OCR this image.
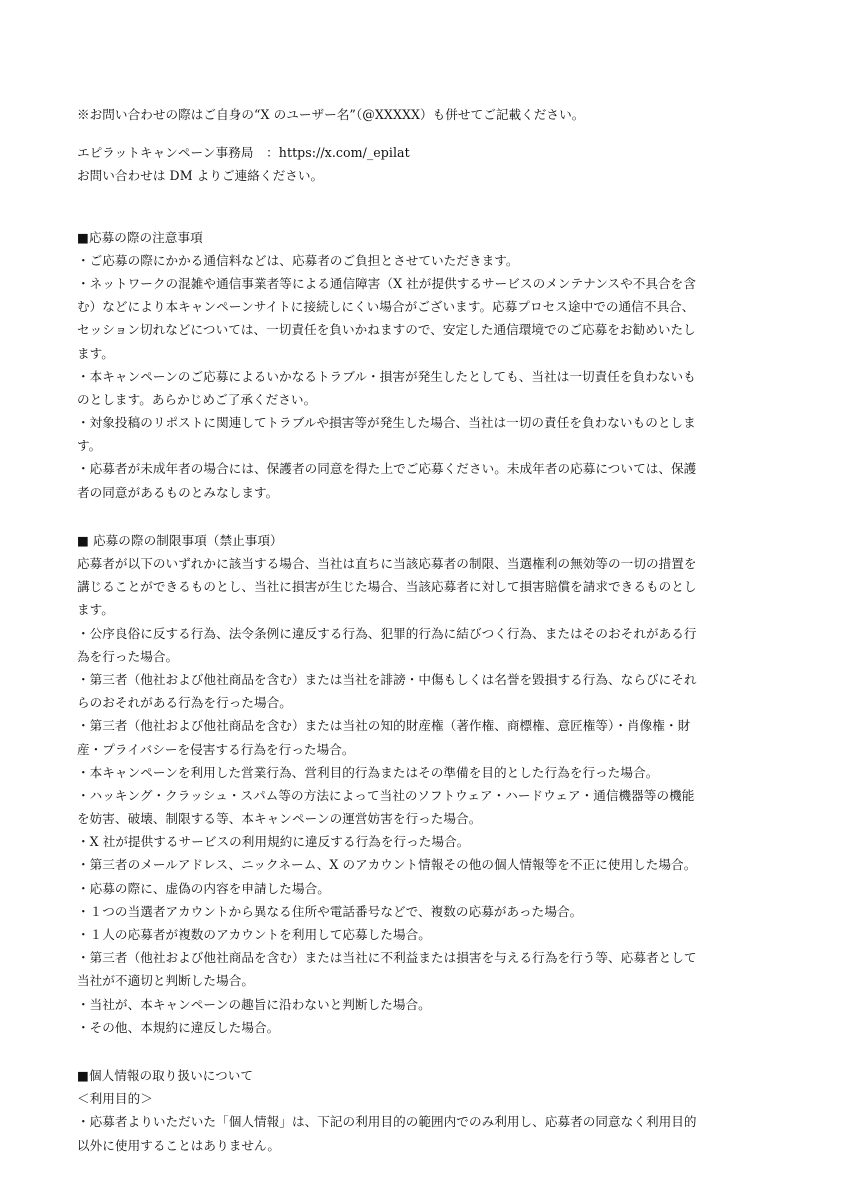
※お問い合わせの際はご自身の“X のユーザー名”（@XXXXX）も併せてご記載ください。
エピラットキャンペーン事務局　：https://x.com/_epilat
お問い合わせは DM よりご連絡ください。
■応募の際の注意事項
・ご応募の際にかかる通信料などは、応募者のご負担とさせていただきます。
・ネットワークの混雑や通信事業者等による通信障害（X 社が提供するサービスのメンテナンスや不具合を含
む）などにより本キャンペーンサイトに接続しにくい場合がございます。応募プロセス途中での通信不具合、
セッション切れなどについては、一切責任を負いかねますので、安定した通信環境でのご応募をお勧めいたし
ます。
・本キャンペーンのご応募によるいかなるトラブル・損害が発生したとしても、当社は一切責任を負わないも
のとします。あらかじめご了承ください。
・対象投稿のリポストに関連してトラブルや損害等が発生した場合、当社は一切の責任を負わないものとしま
す。
・応募者が未成年者の場合には、保護者の同意を得た上でご応募ください。未成年者の応募については、保護
者の同意があるものとみなします。
■ 応募の際の制限事項（禁止事項）
応募者が以下のいずれかに該当する場合、当社は直ちに当該応募者の制限、当選権利の無効等の一切の措置を
講じることができるものとし、当社に損害が生じた場合、当該応募者に対して損害賠償を請求できるものとし
ます。
・公序良俗に反する行為、法令条例に違反する行為、犯罪的行為に結びつく行為、またはそのおそれがある行
為を行った場合。
・第三者（他社および他社商品を含む）または当社を誹謗・中傷もしくは名誉を毀損する行為、ならびにそれ
らのおそれがある行為を行った場合。
・第三者（他社および他社商品を含む）または当社の知的財産権（著作権、商標権、意匠権等）・肖像権・財
産・プライバシーを侵害する行為を行った場合。
・本キャンペーンを利用した営業行為、営利目的行為またはその準備を目的とした行為を行った場合。
・ハッキング・クラッシュ・スパム等の方法によって当社のソフトウェア・ハードウェア・通信機器等の機能
を妨害、破壊、制限する等、本キャンペーンの運営妨害を行った場合。
・X 社が提供するサービスの利用規約に違反する行為を行った場合。
・第三者のメールアドレス、ニックネーム、X のアカウント情報その他の個人情報等を不正に使用した場合。
・応募の際に、虚偽の内容を申請した場合。
・１つの当選者アカウントから異なる住所や電話番号などで、複数の応募があった場合。
・１人の応募者が複数のアカウントを利用して応募した場合。
・第三者（他社および他社商品を含む）または当社に不利益または損害を与える行為を行う等、応募者として
当社が不適切と判断した場合。
・当社が、本キャンペーンの趣旨に沿わないと判断した場合。
・その他、本規約に違反した場合。
■個人情報の取り扱いについて
＜利用目的＞
・応募者よりいただいた「個人情報」は、下記の利用目的の範囲内でのみ利用し、応募者の同意なく利用目的
以外に使用することはありません。
